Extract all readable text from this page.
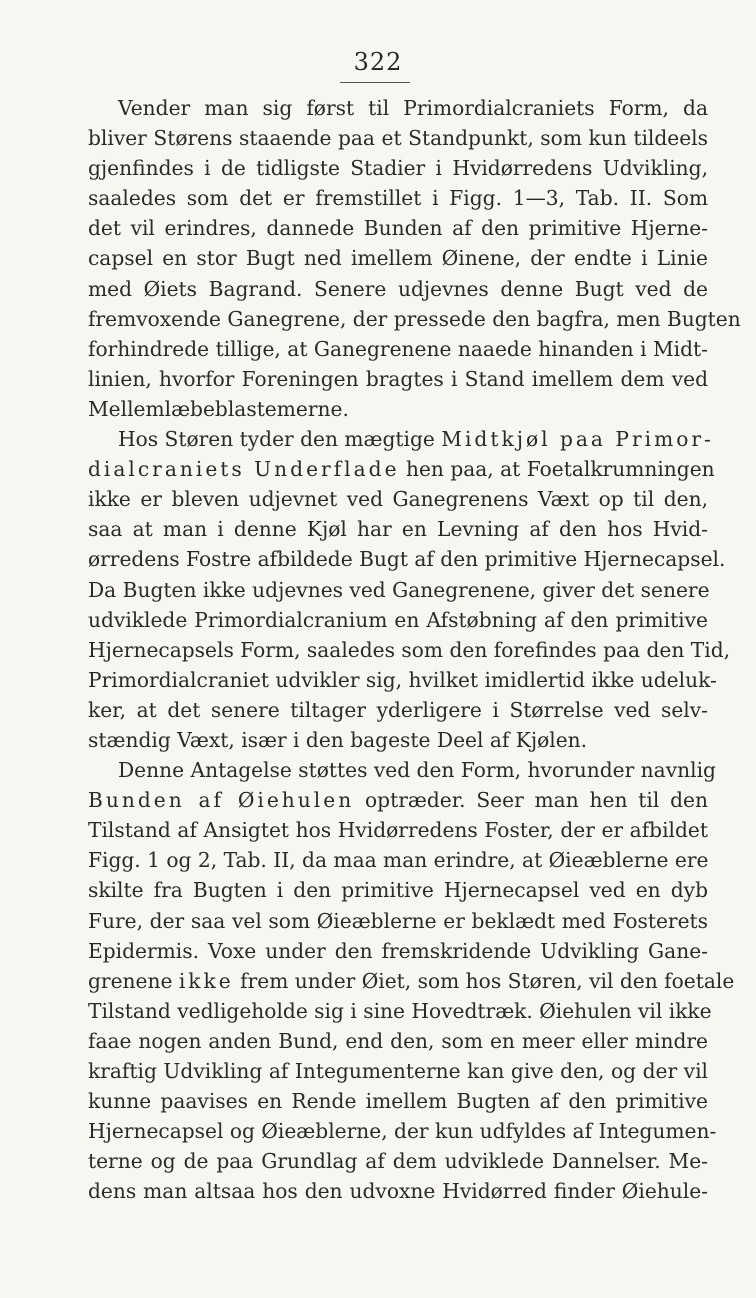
322
Vender man sig først til Primordialcraniets Form, da
bliver Størens staaende paa et Standpunkt, som kun tildeels
gjenfindes i de tidligste Stadier i Hvidørredens Udvikling,
saaledes som det er fremstillet i Figg. 1—3, Tab. II. Som
det vil erindres, dannede Bunden af den primitive Hjerne-
capsel en stor Bugt ned imellem Øinene, der endte i Linie
med Øiets Bagrand. Senere udjevnes denne Bugt ved de
fremvoxende Ganegrene, der pressede den bagfra, men Bugten
forhindrede tillige, at Ganegrenene naaede hinanden i Midt-
linien, hvorfor Foreningen bragtes i Stand imellem dem ved
Mellemlæbeblastemerne.
Hos Støren tyder den mægtige Midtkjøl paa Primor-
dialcraniets Underflade hen paa, at Foetalkrumningen
ikke er bleven udjevnet ved Ganegrenens Væxt op til den,
saa at man i denne Kjøl har en Levning af den hos Hvid-
ørredens Fostre afbildede Bugt af den primitive Hjernecapsel.
Da Bugten ikke udjevnes ved Ganegrenene, giver det senere
udviklede Primordialcranium en Afstøbning af den primitive
Hjernecapsels Form, saaledes som den forefindes paa den Tid,
Primordialcraniet udvikler sig, hvilket imidlertid ikke udeluk-
ker, at det senere tiltager yderligere i Størrelse ved selv-
stændig Væxt, især i den bageste Deel af Kjølen.
Denne Antagelse støttes ved den Form, hvorunder navnlig
Bunden af Øiehulen optræder. Seer man hen til den
Tilstand af Ansigtet hos Hvidørredens Foster, der er afbildet
Figg. 1 og 2, Tab. II, da maa man erindre, at Øieæblerne ere
skilte fra Bugten i den primitive Hjernecapsel ved en dyb
Fure, der saa vel som Øieæblerne er beklædt med Fosterets
Epidermis. Voxe under den fremskridende Udvikling Gane-
grenene ikke frem under Øiet, som hos Støren, vil den foetale
Tilstand vedligeholde sig i sine Hovedtræk. Øiehulen vil ikke
faae nogen anden Bund, end den, som en meer eller mindre
kraftig Udvikling af Integumenterne kan give den, og der vil
kunne paavises en Rende imellem Bugten af den primitive
Hjernecapsel og Øieæblerne, der kun udfyldes af Integumen-
terne og de paa Grundlag af dem udviklede Dannelser. Me-
dens man altsaa hos den udvoxne Hvidørred finder Øiehule-
